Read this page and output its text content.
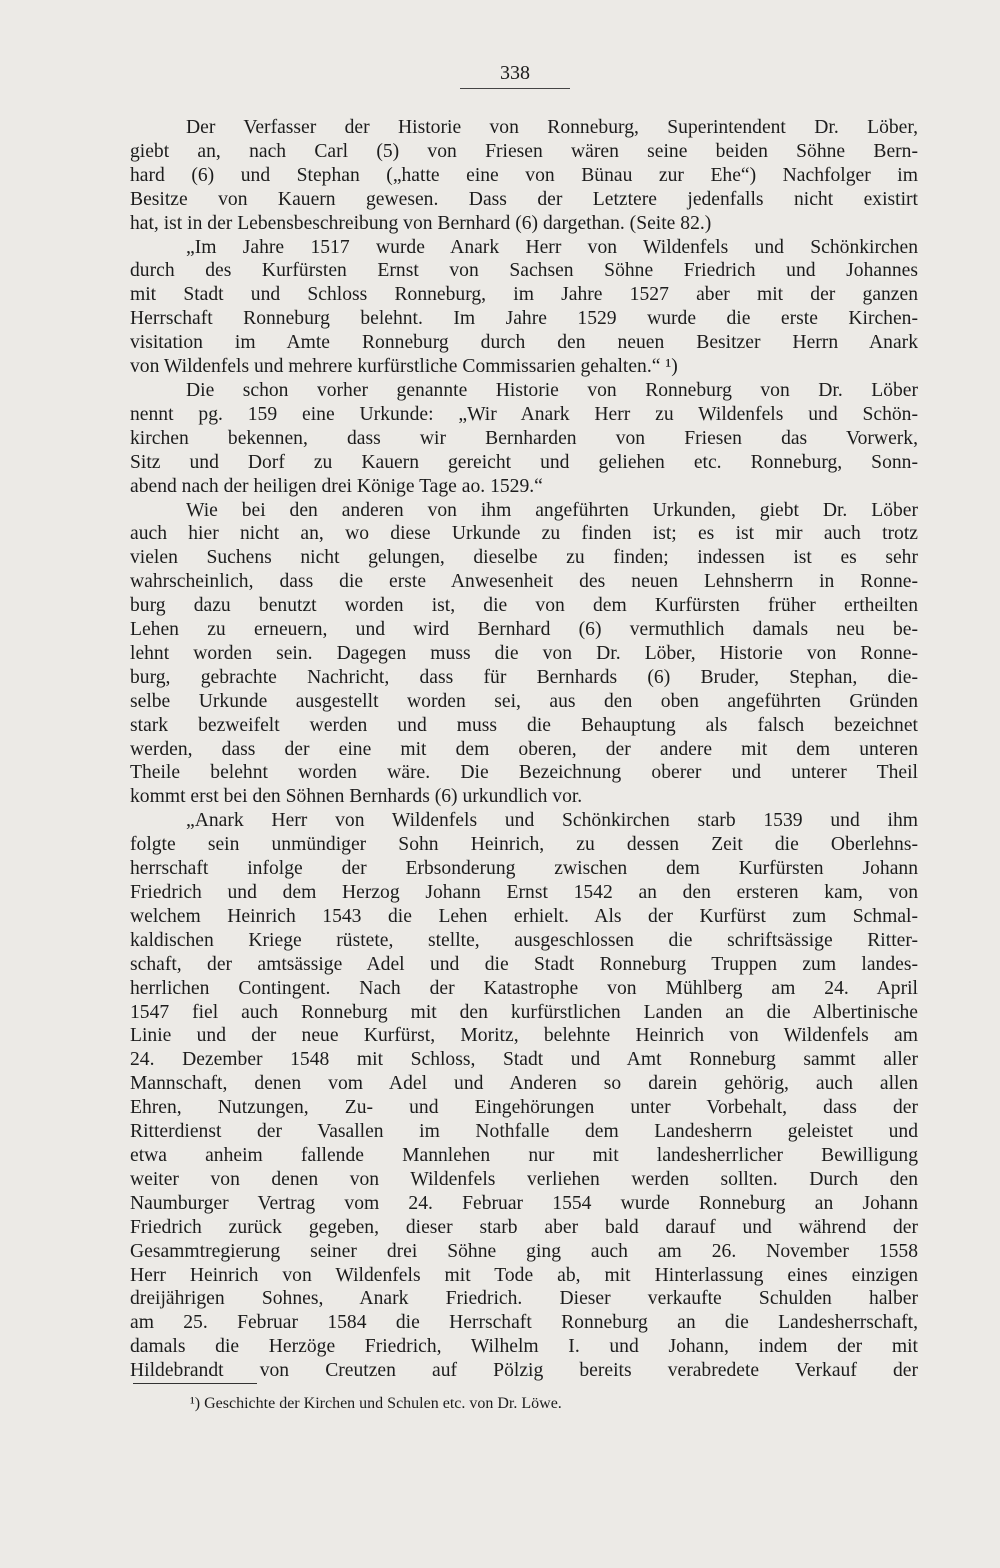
338
Der Verfasser der Historie von Ronneburg, Superintendent Dr. Löber,
giebt an, nach Carl (5) von Friesen wären seine beiden Söhne Bern-
hard (6) und Stephan („hatte eine von Bünau zur Ehe“) Nachfolger im
Besitze von Kauern gewesen. Dass der Letztere jedenfalls nicht existirt
hat, ist in der Lebensbeschreibung von Bernhard (6) dargethan. (Seite 82.)
„Im Jahre 1517 wurde Anark Herr von Wildenfels und Schönkirchen
durch des Kurfürsten Ernst von Sachsen Söhne Friedrich und Johannes
mit Stadt und Schloss Ronneburg, im Jahre 1527 aber mit der ganzen
Herrschaft Ronneburg belehnt. Im Jahre 1529 wurde die erste Kirchen-
visitation im Amte Ronneburg durch den neuen Besitzer Herrn Anark
von Wildenfels und mehrere kurfürstliche Commissarien gehalten.“ ¹)
Die schon vorher genannte Historie von Ronneburg von Dr. Löber
nennt pg. 159 eine Urkunde: „Wir Anark Herr zu Wildenfels und Schön-
kirchen bekennen, dass wir Bernharden von Friesen das Vorwerk,
Sitz und Dorf zu Kauern gereicht und geliehen etc. Ronneburg, Sonn-
abend nach der heiligen drei Könige Tage ao. 1529.“
Wie bei den anderen von ihm angeführten Urkunden, giebt Dr. Löber
auch hier nicht an, wo diese Urkunde zu finden ist; es ist mir auch trotz
vielen Suchens nicht gelungen, dieselbe zu finden; indessen ist es sehr
wahrscheinlich, dass die erste Anwesenheit des neuen Lehnsherrn in Ronne-
burg dazu benutzt worden ist, die von dem Kurfürsten früher ertheilten
Lehen zu erneuern, und wird Bernhard (6) vermuthlich damals neu be-
lehnt worden sein. Dagegen muss die von Dr. Löber, Historie von Ronne-
burg, gebrachte Nachricht, dass für Bernhards (6) Bruder, Stephan, die-
selbe Urkunde ausgestellt worden sei, aus den oben angeführten Gründen
stark bezweifelt werden und muss die Behauptung als falsch bezeichnet
werden, dass der eine mit dem oberen, der andere mit dem unteren
Theile belehnt worden wäre. Die Bezeichnung oberer und unterer Theil
kommt erst bei den Söhnen Bernhards (6) urkundlich vor.
„Anark Herr von Wildenfels und Schönkirchen starb 1539 und ihm
folgte sein unmündiger Sohn Heinrich, zu dessen Zeit die Oberlehns-
herrschaft infolge der Erbsonderung zwischen dem Kurfürsten Johann
Friedrich und dem Herzog Johann Ernst 1542 an den ersteren kam, von
welchem Heinrich 1543 die Lehen erhielt. Als der Kurfürst zum Schmal-
kaldischen Kriege rüstete, stellte, ausgeschlossen die schriftsässige Ritter-
schaft, der amtsässige Adel und die Stadt Ronneburg Truppen zum landes-
herrlichen Contingent. Nach der Katastrophe von Mühlberg am 24. April
1547 fiel auch Ronneburg mit den kurfürstlichen Landen an die Albertinische
Linie und der neue Kurfürst, Moritz, belehnte Heinrich von Wildenfels am
24. Dezember 1548 mit Schloss, Stadt und Amt Ronneburg sammt aller
Mannschaft, denen vom Adel und Anderen so darein gehörig, auch allen
Ehren, Nutzungen, Zu- und Eingehörungen unter Vorbehalt, dass der
Ritterdienst der Vasallen im Nothfalle dem Landesherrn geleistet und
etwa anheim fallende Mannlehen nur mit landesherrlicher Bewilligung
weiter von denen von Wildenfels verliehen werden sollten. Durch den
Naumburger Vertrag vom 24. Februar 1554 wurde Ronneburg an Johann
Friedrich zurück gegeben, dieser starb aber bald darauf und während der
Gesammtregierung seiner drei Söhne ging auch am 26. November 1558
Herr Heinrich von Wildenfels mit Tode ab, mit Hinterlassung eines einzigen
dreijährigen Sohnes, Anark Friedrich. Dieser verkaufte Schulden halber
am 25. Februar 1584 die Herrschaft Ronneburg an die Landesherrschaft,
damals die Herzöge Friedrich, Wilhelm I. und Johann, indem der mit
Hildebrandt von Creutzen auf Pölzig bereits verabredete Verkauf der
¹) Geschichte der Kirchen und Schulen etc. von Dr. Löwe.
